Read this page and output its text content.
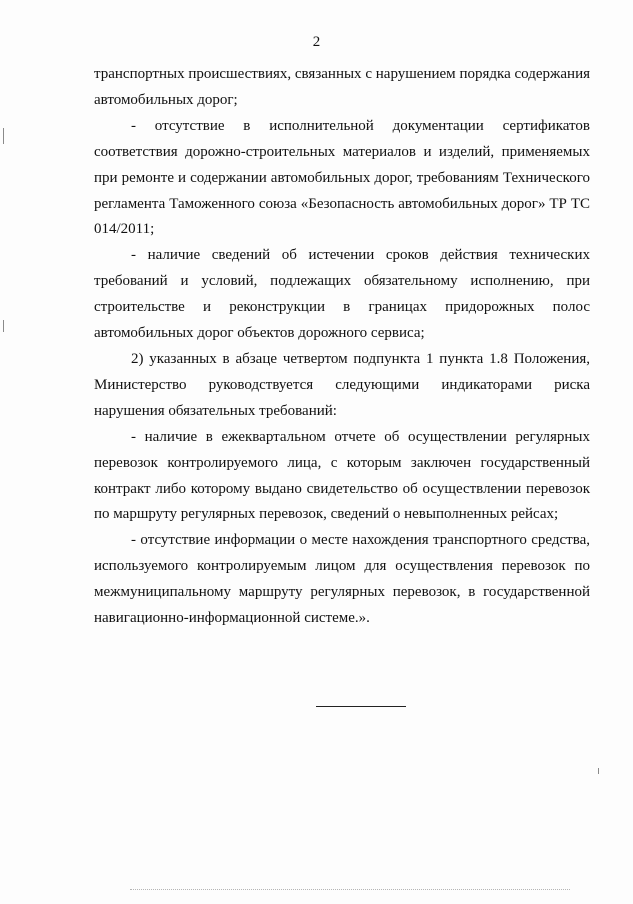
2

транспортных происшествиях, связанных с нарушением порядка содержания автомобильных дорог;

- отсутствие в исполнительной документации сертификатов соответствия дорожно-строительных материалов и изделий, применяемых при ремонте и содержании автомобильных дорог, требованиям Технического регламента Таможенного союза «Безопасность автомобильных дорог» ТР ТС 014/2011;

- наличие сведений об истечении сроков действия технических требований и условий, подлежащих обязательному исполнению, при строительстве и реконструкции в границах придорожных полос автомобильных дорог объектов дорожного сервиса;

2) указанных в абзаце четвертом подпункта 1 пункта 1.8 Положения, Министерство руководствуется следующими индикаторами риска нарушения обязательных требований:

- наличие в ежеквартальном отчете об осуществлении регулярных перевозок контролируемого лица, с которым заключен государственный контракт либо которому выдано свидетельство об осуществлении перевозок по маршруту регулярных перевозок, сведений о невыполненных рейсах;

- отсутствие информации о месте нахождения транспортного средства, используемого контролируемым лицом для осуществления перевозок по межмуниципальному маршруту регулярных перевозок, в государственной навигационно-информационной системе.».
